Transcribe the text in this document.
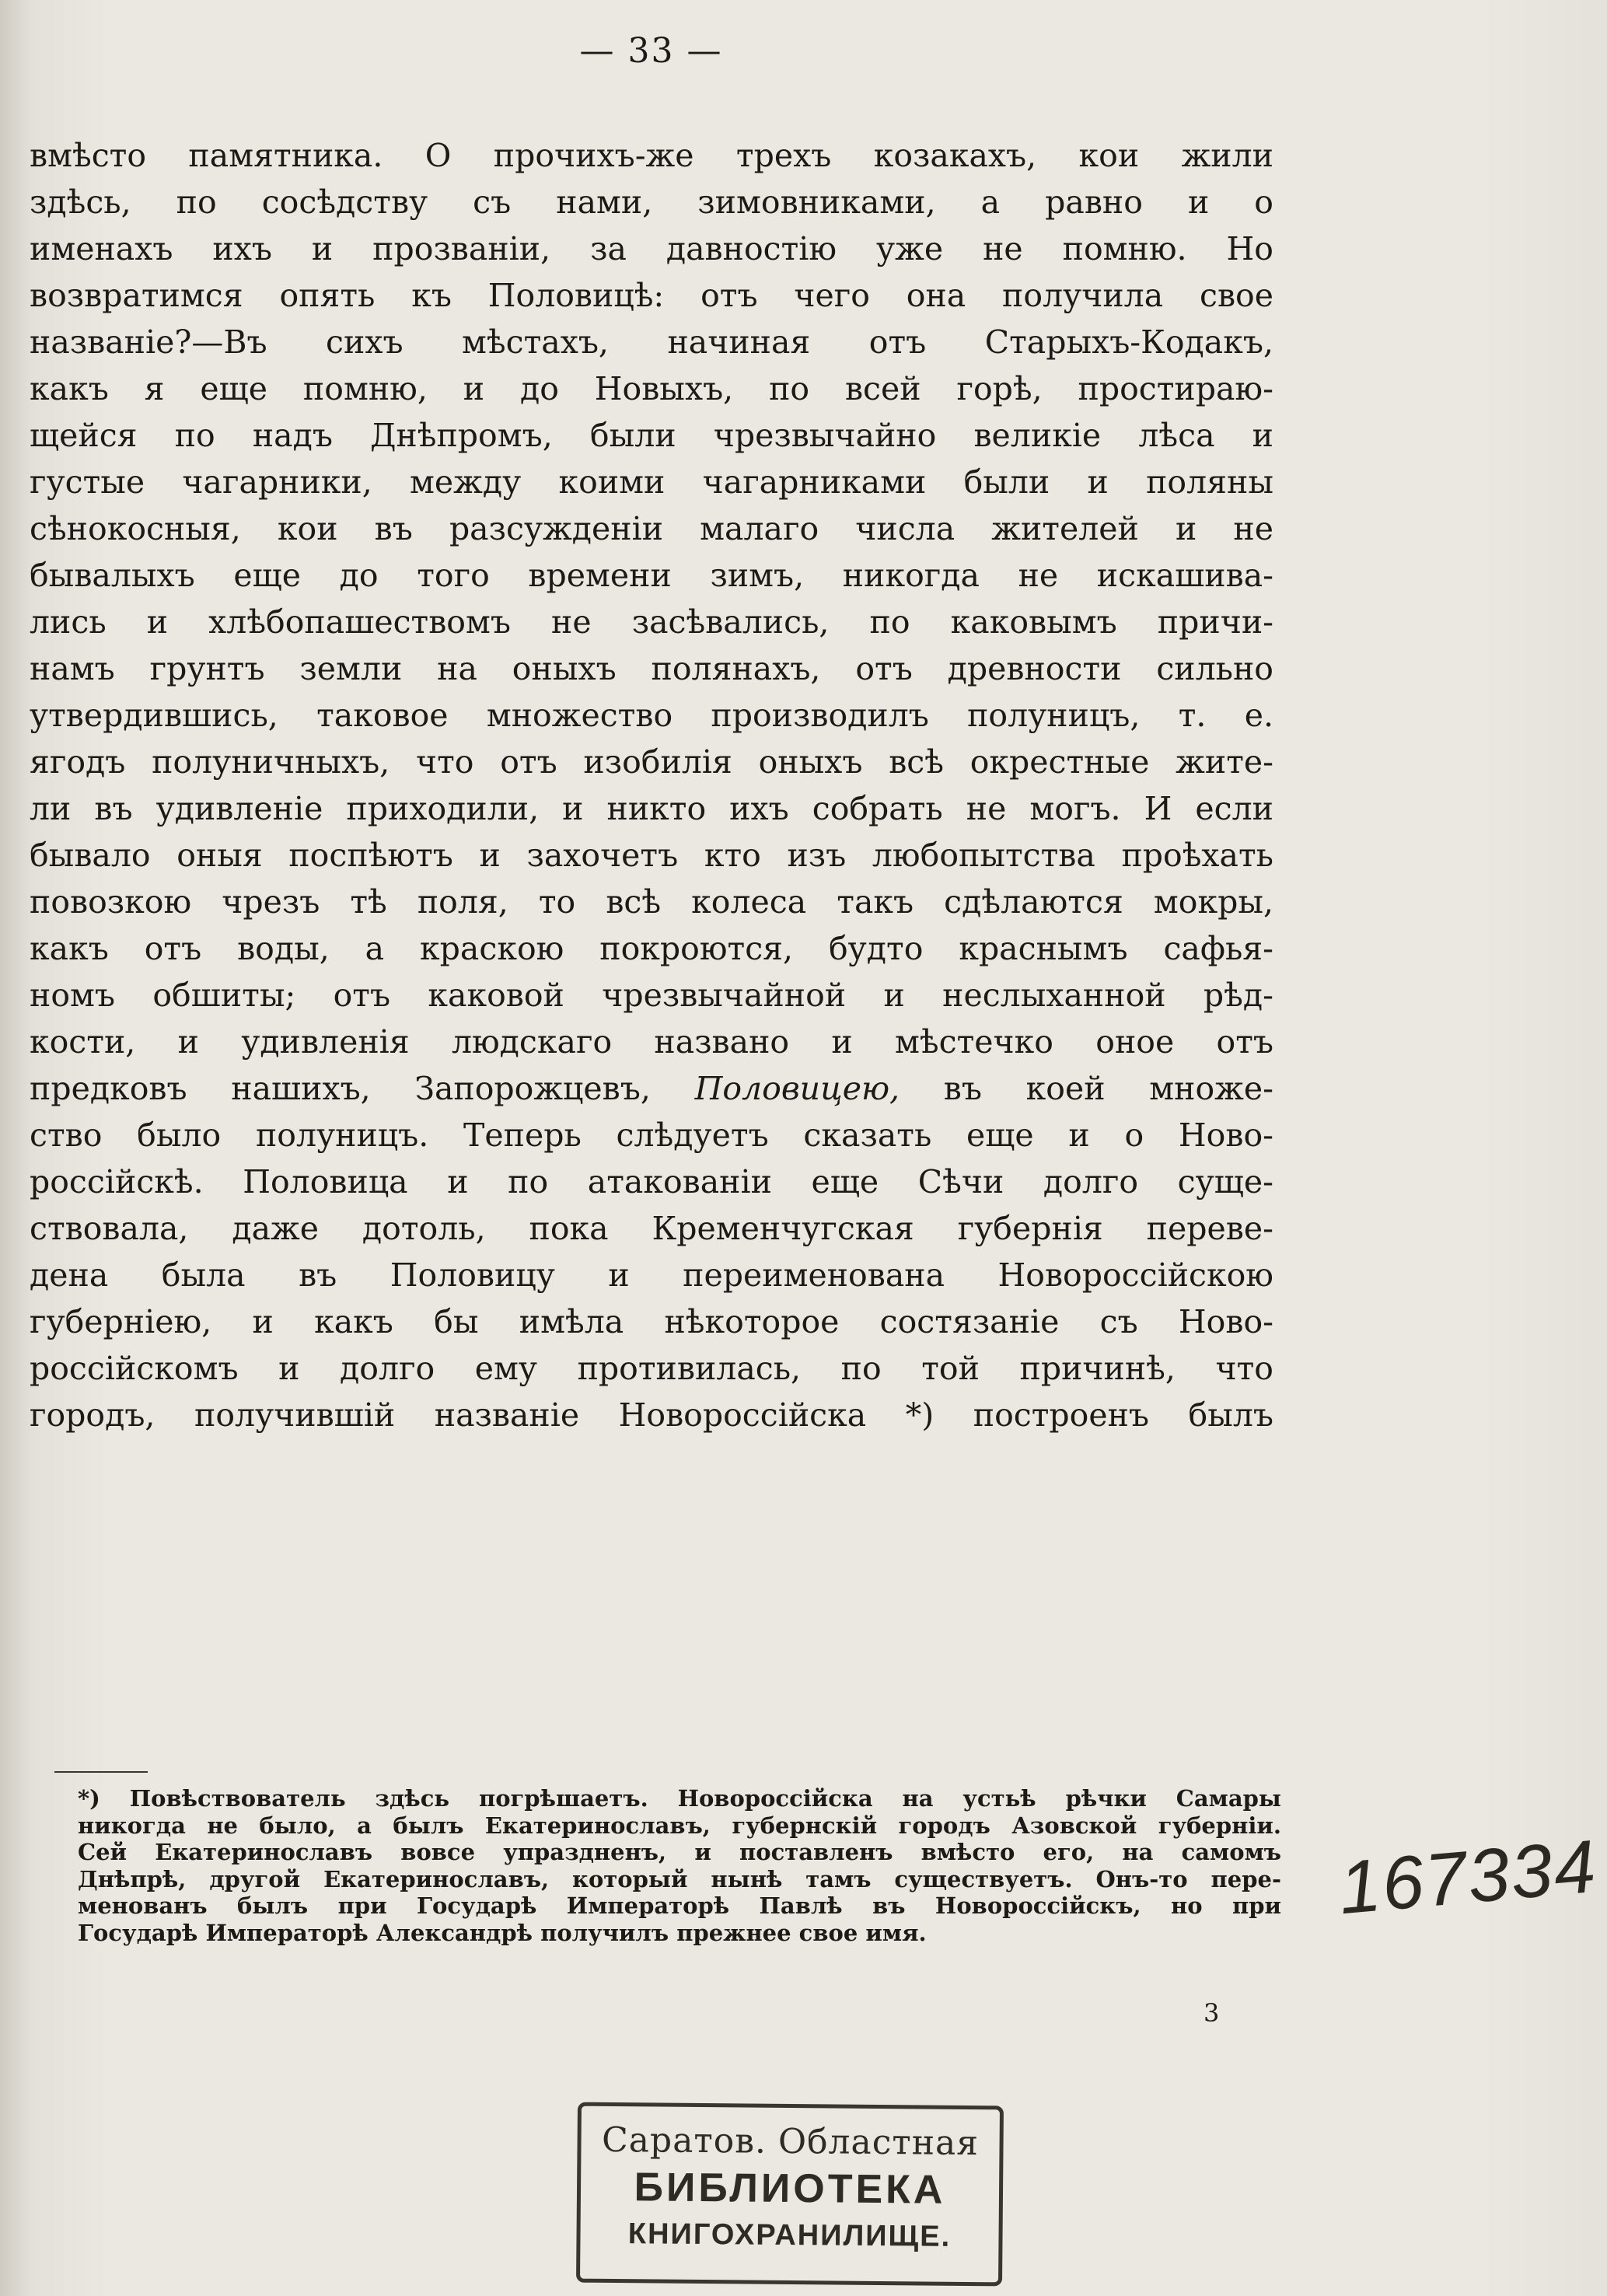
— 33 —
вмѣсто памятника. О прочихъ-же трехъ козакахъ, кои жили
здѣсь, по сосѣдству съ нами, зимовниками, а равно и о
именахъ ихъ и прозваніи, за давностію уже не помню. Но
возвратимся опять къ Половицѣ: отъ чего она получила свое
названіе?—Въ сихъ мѣстахъ, начиная отъ Старыхъ-Кодакъ,
какъ я еще помню, и до Новыхъ, по всей горѣ, простираю-
щейся по надъ Днѣпромъ, были чрезвычайно великіе лѣса и
густые чагарники, между коими чагарниками были и поляны
сѣнокосныя, кои въ разсужденіи малаго числа жителей и не
бывалыхъ еще до того времени зимъ, никогда не искашива-
лись и хлѣбопашествомъ не засѣвались, по каковымъ причи-
намъ грунтъ земли на оныхъ полянахъ, отъ древности сильно
утвердившись, таковое множество производилъ полуницъ, т. е.
ягодъ полуничныхъ, что отъ изобилія оныхъ всѣ окрестные жите-
ли въ удивленіе приходили, и никто ихъ собрать не могъ. И если
бывало оныя поспѣютъ и захочетъ кто изъ любопытства проѣхать
повозкою чрезъ тѣ поля, то всѣ колеса такъ сдѣлаются мокры,
какъ отъ воды, а краскою покроются, будто краснымъ сафья-
номъ обшиты; отъ каковой чрезвычайной и неслыханной рѣд-
кости, и удивленія людскаго названо и мѣстечко оное отъ
предковъ нашихъ, Запорожцевъ, Половицею, въ коей множе-
ство было полуницъ. Теперь слѣдуетъ сказать еще и о Ново-
россійскѣ. Половица и по атакованіи еще Сѣчи долго суще-
ствовала, даже дотоль, пока Кременчугская губернія переве-
дена была въ Половицу и переименована Новороссійскою
губерніею, и какъ бы имѣла нѣкоторое состязаніе съ Ново-
россійскомъ и долго ему противилась, по той причинѣ, что
городъ, получившій названіе Новороссійска *) построенъ былъ
*) Повѣствователь здѣсь погрѣшаетъ. Новороссійска на устьѣ рѣчки Самары
никогда не было, а былъ Екатеринославъ, губернскій городъ Азовской губерніи.
Сей Екатеринославъ вовсе упраздненъ, и поставленъ вмѣсто его, на самомъ
Днѣпрѣ, другой Екатеринославъ, который нынѣ тамъ существуетъ. Онъ-то пере-
менованъ былъ при Государѣ Императорѣ Павлѣ въ Новороссійскъ, но при
Государѣ Императорѣ Александрѣ получилъ прежнее свое имя.
167334
3
Саратов. Областная
БИБЛИОТЕКА
КНИГОХРАНИЛИЩЕ.
